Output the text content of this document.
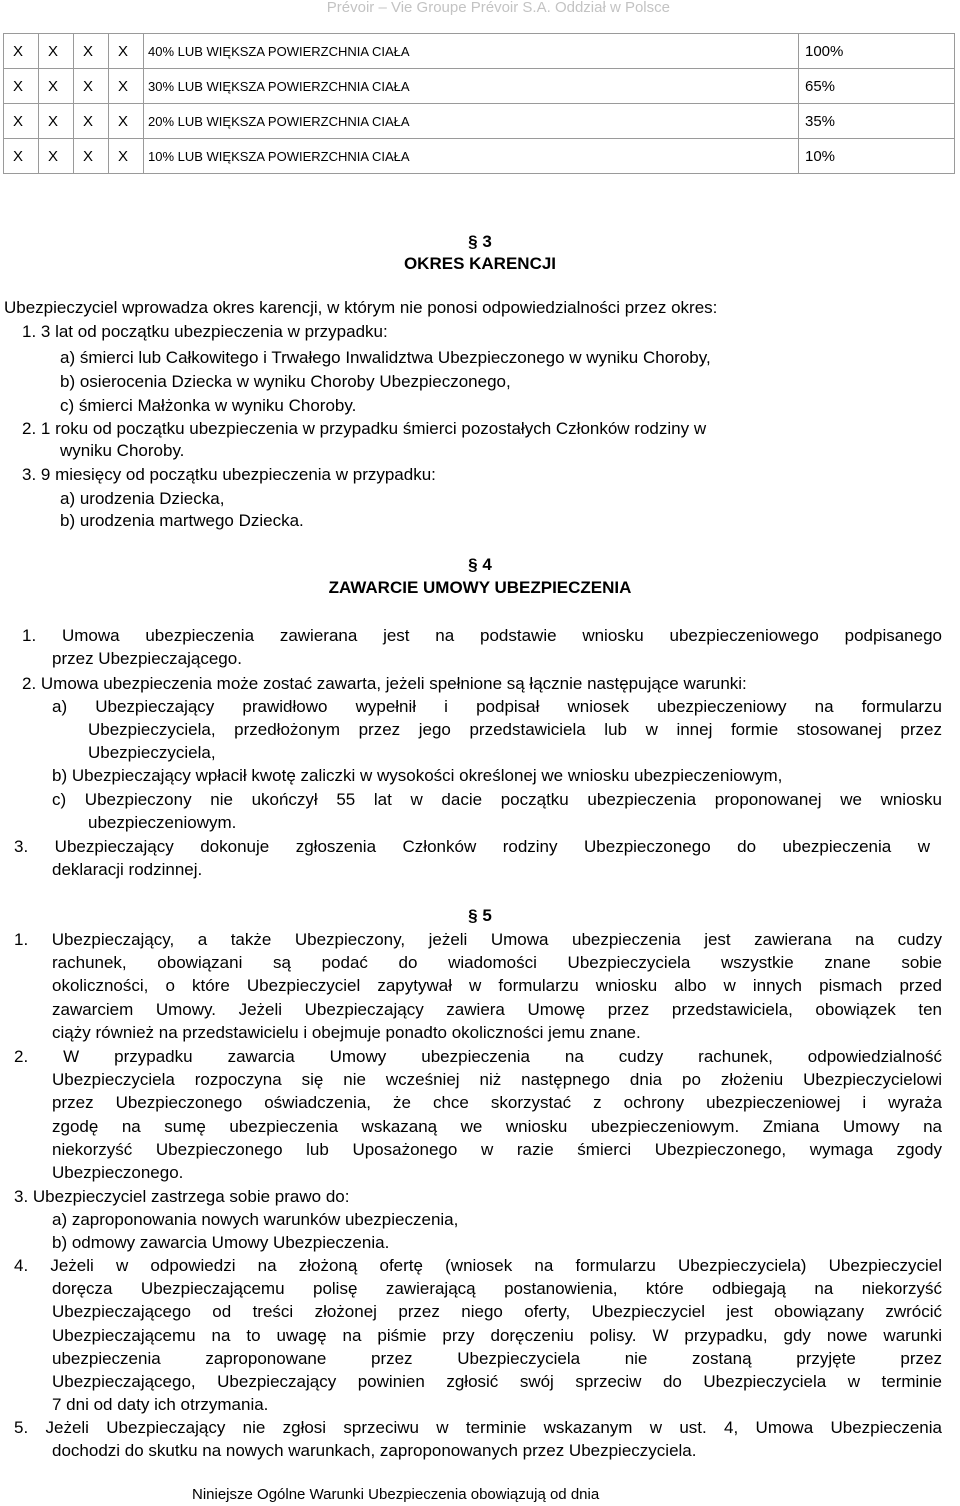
Prévoir – Vie Groupe Prévoir S.A. Oddział w Polsce
X	X	X	X	40% LUB WIĘKSZA POWIERZCHNIA CIAŁA	100%
X	X	X	X	30% LUB WIĘKSZA POWIERZCHNIA CIAŁA	65%
X	X	X	X	20% LUB WIĘKSZA POWIERZCHNIA CIAŁA	35%
X	X	X	X	10% LUB WIĘKSZA POWIERZCHNIA CIAŁA	10%
§ 3
OKRES KARENCJI
Ubezpieczyciel wprowadza okres karencji, w którym nie ponosi odpowiedzialności przez okres:
1. 3 lat od początku ubezpieczenia w przypadku:
a) śmierci lub Całkowitego i Trwałego Inwalidztwa Ubezpieczonego w wyniku Choroby,
b) osierocenia Dziecka w wyniku Choroby Ubezpieczonego,
c) śmierci Małżonka w wyniku Choroby.
2. 1 roku od początku ubezpieczenia w przypadku śmierci pozostałych Członków rodziny w
wyniku Choroby.
3. 9 miesięcy od początku ubezpieczenia w przypadku:
a) urodzenia Dziecka,
b) urodzenia martwego Dziecka.
§ 4
ZAWARCIE UMOWY UBEZPIECZENIA
1. Umowa ubezpieczenia zawierana jest na podstawie wniosku ubezpieczeniowego podpisanego
przez Ubezpieczającego.
2. Umowa ubezpieczenia może zostać zawarta, jeżeli spełnione są łącznie następujące warunki:
a) Ubezpieczający prawidłowo wypełnił i podpisał wniosek ubezpieczeniowy na formularzu
Ubezpieczyciela, przedłożonym przez jego przedstawiciela lub w innej formie stosowanej przez
Ubezpieczyciela,
b) Ubezpieczający wpłacił kwotę zaliczki w wysokości określonej we wniosku ubezpieczeniowym,
c) Ubezpieczony nie ukończył 55 lat w dacie początku ubezpieczenia proponowanej we wniosku
ubezpieczeniowym.
3. Ubezpieczający dokonuje zgłoszenia Członków rodziny Ubezpieczonego do ubezpieczenia w
deklaracji rodzinnej.
§ 5
1. Ubezpieczający, a także Ubezpieczony, jeżeli Umowa ubezpieczenia jest zawierana na cudzy
rachunek, obowiązani są podać do wiadomości Ubezpieczyciela wszystkie znane sobie
okoliczności, o które Ubezpieczyciel zapytywał w formularzu wniosku albo w innych pismach przed
zawarciem Umowy. Jeżeli Ubezpieczający zawiera Umowę przez przedstawiciela, obowiązek ten
ciąży również na przedstawicielu i obejmuje ponadto okoliczności jemu znane.
2. W przypadku zawarcia Umowy ubezpieczenia na cudzy rachunek, odpowiedzialność
Ubezpieczyciela rozpoczyna się nie wcześniej niż następnego dnia po złożeniu Ubezpieczycielowi
przez Ubezpieczonego oświadczenia, że chce skorzystać z ochrony ubezpieczeniowej i wyraża
zgodę na sumę ubezpieczenia wskazaną we wniosku ubezpieczeniowym. Zmiana Umowy na
niekorzyść Ubezpieczonego lub Uposażonego w razie śmierci Ubezpieczonego, wymaga zgody
Ubezpieczonego.
3. Ubezpieczyciel zastrzega sobie prawo do:
a) zaproponowania nowych warunków ubezpieczenia,
b) odmowy zawarcia Umowy Ubezpieczenia.
4. Jeżeli w odpowiedzi na złożoną ofertę (wniosek na formularzu Ubezpieczyciela) Ubezpieczyciel
doręcza Ubezpieczającemu polisę zawierającą postanowienia, które odbiegają na niekorzyść
Ubezpieczającego od treści złożonej przez niego oferty, Ubezpieczyciel jest obowiązany zwrócić
Ubezpieczającemu na to uwagę na piśmie przy doręczeniu polisy. W przypadku, gdy nowe warunki
ubezpieczenia zaproponowane przez Ubezpieczyciela nie zostaną przyjęte przez
Ubezpieczającego, Ubezpieczający powinien zgłosić swój sprzeciw do Ubezpieczyciela w terminie
7 dni od daty ich otrzymania.
5. Jeżeli Ubezpieczający nie zgłosi sprzeciwu w terminie wskazanym w ust. 4, Umowa Ubezpieczenia
dochodzi do skutku na nowych warunkach, zaproponowanych przez Ubezpieczyciela.
Niniejsze Ogólne Warunki Ubezpieczenia obowiązują od dnia
